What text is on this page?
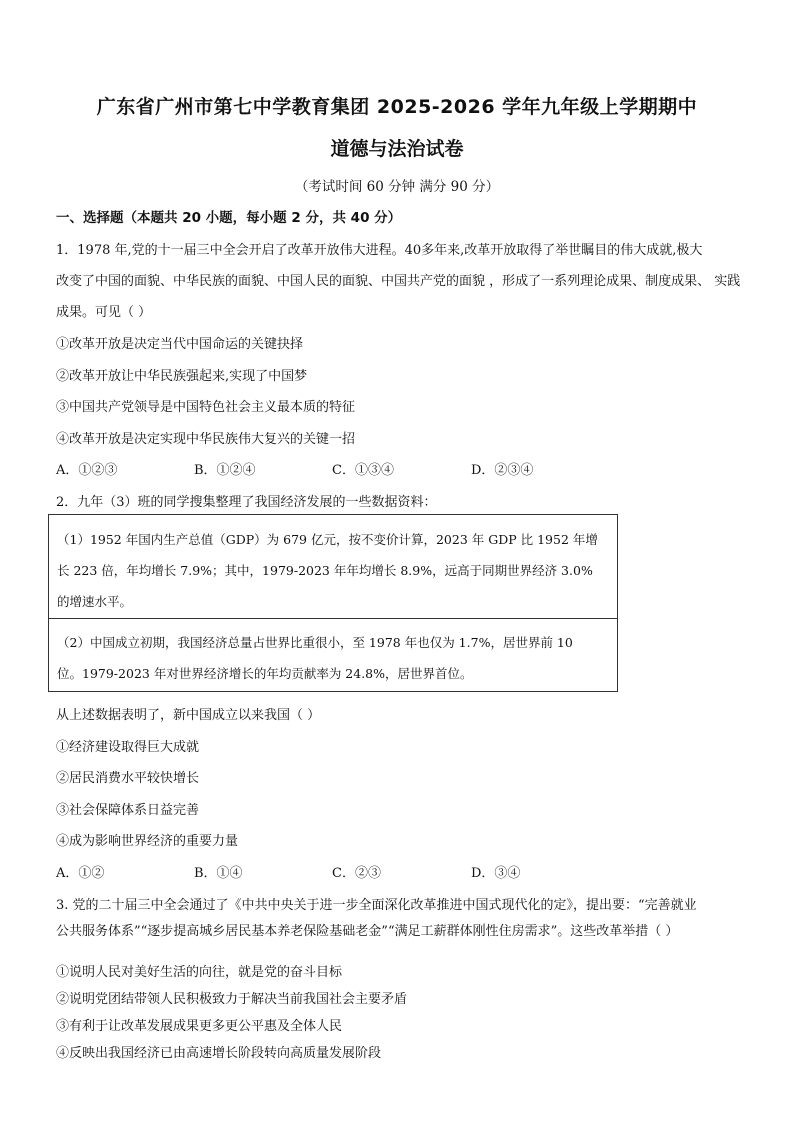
广东省广州市第七中学教育集团 2025-2026 学年九年级上学期期中
道德与法治试卷
（考试时间 60 分钟 满分 90 分）
一、选择题（本题共 20 小题，每小题 2 分，共 40 分）
1．1978 年,党的十一届三中全会开启了改革开放伟大进程。40多年来,改革开放取得了举世瞩目的伟大成就,极大
改变了中国的面貌、中华民族的面貌、中国人民的面貌、中国共产党的面貌 ，形成了一系列理论成果、制度成果、 实践
成果。可见（ ）
①改革开放是决定当代中国命运的关键抉择
②改革开放让中华民族强起来,实现了中国梦
③中国共产党领导是中国特色社会主义最本质的特征
④改革开放是决定实现中华民族伟大复兴的关键一招
A．①②③	B．①②④	C．①③④	D．②③④
2．九年（3）班的同学搜集整理了我国经济发展的一些数据资料：
（1）1952 年国内生产总值（GDP）为 679 亿元，按不变价计算，2023 年 GDP 比 1952 年增
长 223 倍，年均增长 7.9%；其中，1979-2023 年年均增长 8.9%，远高于同期世界经济 3.0%
的增速水平。
（2）中国成立初期，我国经济总量占世界比重很小，至 1978 年也仅为 1.7%，居世界前 10
位。1979-2023 年对世界经济增长的年均贡献率为 24.8%，居世界首位。
从上述数据表明了，新中国成立以来我国（ ）
①经济建设取得巨大成就
②居民消费水平较快增长
③社会保障体系日益完善
④成为影响世界经济的重要力量
A．①②	B．①④	C．②③	D．③④
3. 党的二十届三中全会通过了《中共中央关于进一步全面深化改革推进中国式现代化的定》，提出要：“完善就业
公共服务体系”“逐步提高城乡居民基本养老保险基础老金”“满足工薪群体刚性住房需求”。这些改革举措（ ）
①说明人民对美好生活的向往，就是党的奋斗目标
②说明党团结带领人民积极致力于解决当前我国社会主要矛盾
③有利于让改革发展成果更多更公平惠及全体人民
④反映出我国经济已由高速增长阶段转向高质量发展阶段
